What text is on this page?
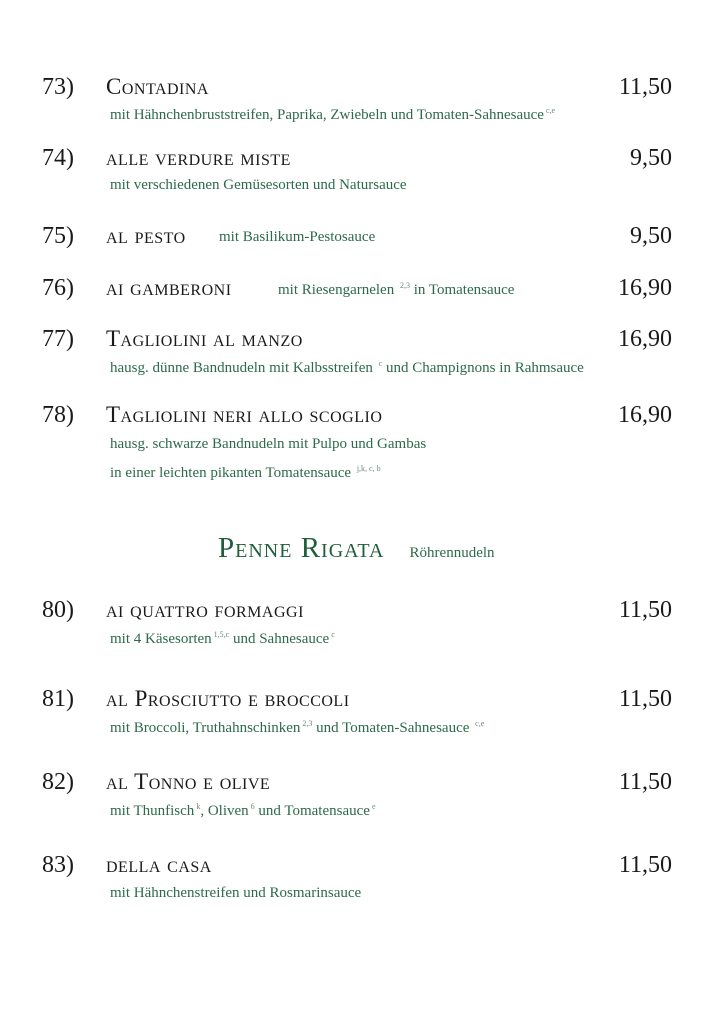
73) Contadina	11,50
mit Hähnchenbruststreifen, Paprika, Zwiebeln und Tomaten-Sahnesauce $^{c,e}$
74) alle verdure miste	9,50
mit verschiedenen Gemüsesorten und Natursauce
75) al pesto	9,50
mit Basilikum-Pestosauce
76) ai gamberoni	16,90
mit Riesengarnelen $^{2,3}$ in Tomatensauce
77) Tagliolini al manzo	16,90
hausg. dünne Bandnudeln mit Kalbsstreifen $^c$ und Champignons in Rahmsauce
78) Tagliolini neri allo scoglio	16,90
hausg. schwarze Bandnudeln mit Pulpo und Gambas
in einer leichten pikanten Tomatensauce $^{j,k, c, b}$
Penne Rigata Röhrennudeln
80) ai quattro formaggi	11,50
mit 4 Käsesorten $^{1,5,c}$ und Sahnesauce $^c$
81) al Prosciutto e broccoli	11,50
mit Broccoli, Truthahnschinken $^{2,3}$ und Tomaten-Sahnesauce $^{c,e}$
82) al Tonno e olive	11,50
mit Thunfisch $^k$, Oliven $^6$ und Tomatensauce $^e$
83) della casa	11,50
mit Hähnchenstreifen und Rosmarinsauce
